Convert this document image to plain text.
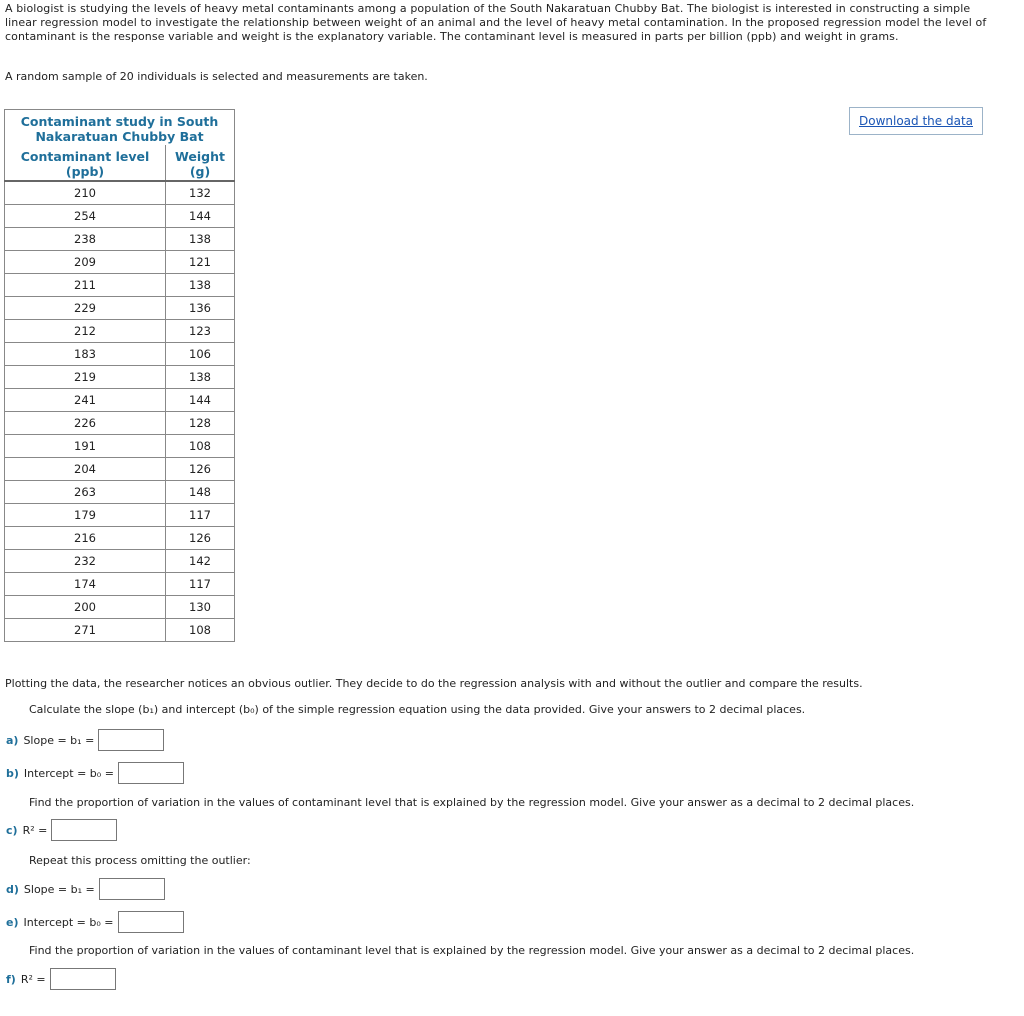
A biologist is studying the levels of heavy metal contaminants among a population of the South Nakaratuan Chubby Bat. The biologist is interested in constructing a simple linear regression model to investigate the relationship between weight of an animal and the level of heavy metal contamination. In the proposed regression model the level of contaminant is the response variable and weight is the explanatory variable. The contaminant level is measured in parts per billion (ppb) and weight in grams.
A random sample of 20 individuals is selected and measurements are taken.
Contaminant study in South Nakaratuan Chubby Bat	
Contaminant level (ppb)	Weight (g)
210	132
254	144
238	138
209	121
211	138
229	136
212	123
183	106
219	138
241	144
226	128
191	108
204	126
263	148
179	117
216	126
232	142
174	117
200	130
271	108
Download the data
Plotting the data, the researcher notices an obvious outlier. They decide to do the regression analysis with and without the outlier and compare the results.
Calculate the slope (b₁) and intercept (b₀) of the simple regression equation using the data provided. Give your answers to 2 decimal places.
a) Slope = b₁ =
b) Intercept = b₀ =
Find the proportion of variation in the values of contaminant level that is explained by the regression model. Give your answer as a decimal to 2 decimal places.
c) R² =
Repeat this process omitting the outlier:
d) Slope = b₁ =
e) Intercept = b₀ =
Find the proportion of variation in the values of contaminant level that is explained by the regression model. Give your answer as a decimal to 2 decimal places.
f) R² =
